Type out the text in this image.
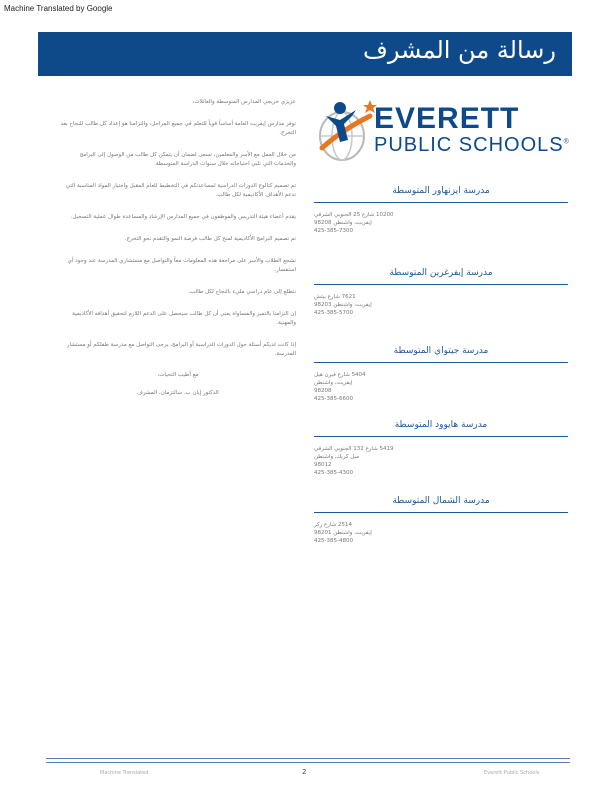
Machine Translated by Google
رسالة من المشرف
EVERETT
PUBLIC SCHOOLS®
عزيزي خريجي المدارس المتوسطة والعائلات،
توفر مدارس إيفريت العامة أساساً قوياً للتعلم في جميع المراحل، والتزامنا هو إعداد كل طالب للنجاح بعد التخرج.
من خلال العمل مع الأسر والمعلمين، نسعى لضمان أن يتمكن كل طالب من الوصول إلى البرامج والخدمات التي تلبي احتياجاته خلال سنوات الدراسة المتوسطة.
تم تصميم كتالوج الدورات الدراسية لمساعدتكم في التخطيط للعام المقبل واختيار المواد المناسبة التي تدعم الأهداف الأكاديمية لكل طالب.
يقدم أعضاء هيئة التدريس والموظفون في جميع المدارس الإرشاد والمساعدة طوال عملية التسجيل.
تم تصميم البرامج الأكاديمية لمنح كل طالب فرصة النمو والتقدم نحو التخرج.
نشجع الطلاب والأسر على مراجعة هذه المعلومات معاً والتواصل مع مستشاري المدرسة عند وجود أي استفسار.
نتطلع إلى عام دراسي مليء بالنجاح لكل طالب.
إن التزامنا بالتميز والمساواة يعني أن كل طالب سيحصل على الدعم اللازم لتحقيق أهدافه الأكاديمية والمهنية.
إذا كانت لديكم أسئلة حول الدورات الدراسية أو البرامج، يرجى التواصل مع مدرسة طفلكم أو مستشار المدرسة.
مع أطيب التحيات،
الدكتور إيان ب. سالتزمان، المشرف
مدرسة ايزنهاور المتوسطة
10200 شارع 25 الجنوبي الشرقي
إيفريت، واشنطن 98208
425-385-7300
مدرسة إيفرغرين المتوسطة
7621 شارع بيتش
إيفريت، واشنطن 98203
425-385-5700
مدرسة جيتواي المتوسطة
5404 شارع فيرن هيل
إيفريت، واشنطن
98208
425-385-6600
مدرسة هايوود المتوسطة
5419 شارع 132 الجنوبي الشرقي
ميل كريك، واشنطن
98012
425-385-4300
مدرسة الشمال المتوسطة
2514 شارع رِكِر
إيفريت، واشنطن 98201
425-385-4800
Machine Translated	2	Everett Public Schools
